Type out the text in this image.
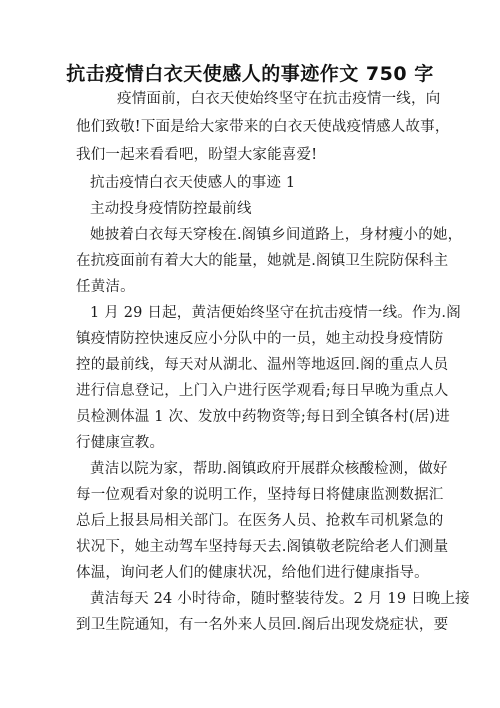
抗击疫情白衣天使感人的事迹作文 750 字
疫情面前，白衣天使始终坚守在抗击疫情一线，向
他们致敬!下面是给大家带来的白衣天使战疫情感人故事，
我们一起来看看吧，盼望大家能喜爱!
抗击疫情白衣天使感人的事迹 1
主动投身疫情防控最前线
她披着白衣每天穿梭在.阁镇乡间道路上，身材瘦小的她，
在抗疫面前有着大大的能量，她就是.阁镇卫生院防保科主
任黄洁。
1 月 29 日起，黄洁便始终坚守在抗击疫情一线。作为.阁
镇疫情防控快速反应小分队中的一员，她主动投身疫情防
控的最前线，每天对从湖北、温州等地返回.阁的重点人员
进行信息登记，上门入户进行医学观看;每日早晚为重点人
员检测体温 1 次、发放中药物资等;每日到全镇各村(居)进
行健康宣教。
黄洁以院为家，帮助.阁镇政府开展群众核酸检测，做好
每一位观看对象的说明工作，坚持每日将健康监测数据汇
总后上报县局相关部门。在医务人员、抢救车司机紧急的
状况下，她主动驾车坚持每天去.阁镇敬老院给老人们测量
体温，询问老人们的健康状况，给他们进行健康指导。
黄洁每天 24 小时待命，随时整装待发。2 月 19 日晚上接
到卫生院通知，有一名外来人员回.阁后出现发烧症状，要
